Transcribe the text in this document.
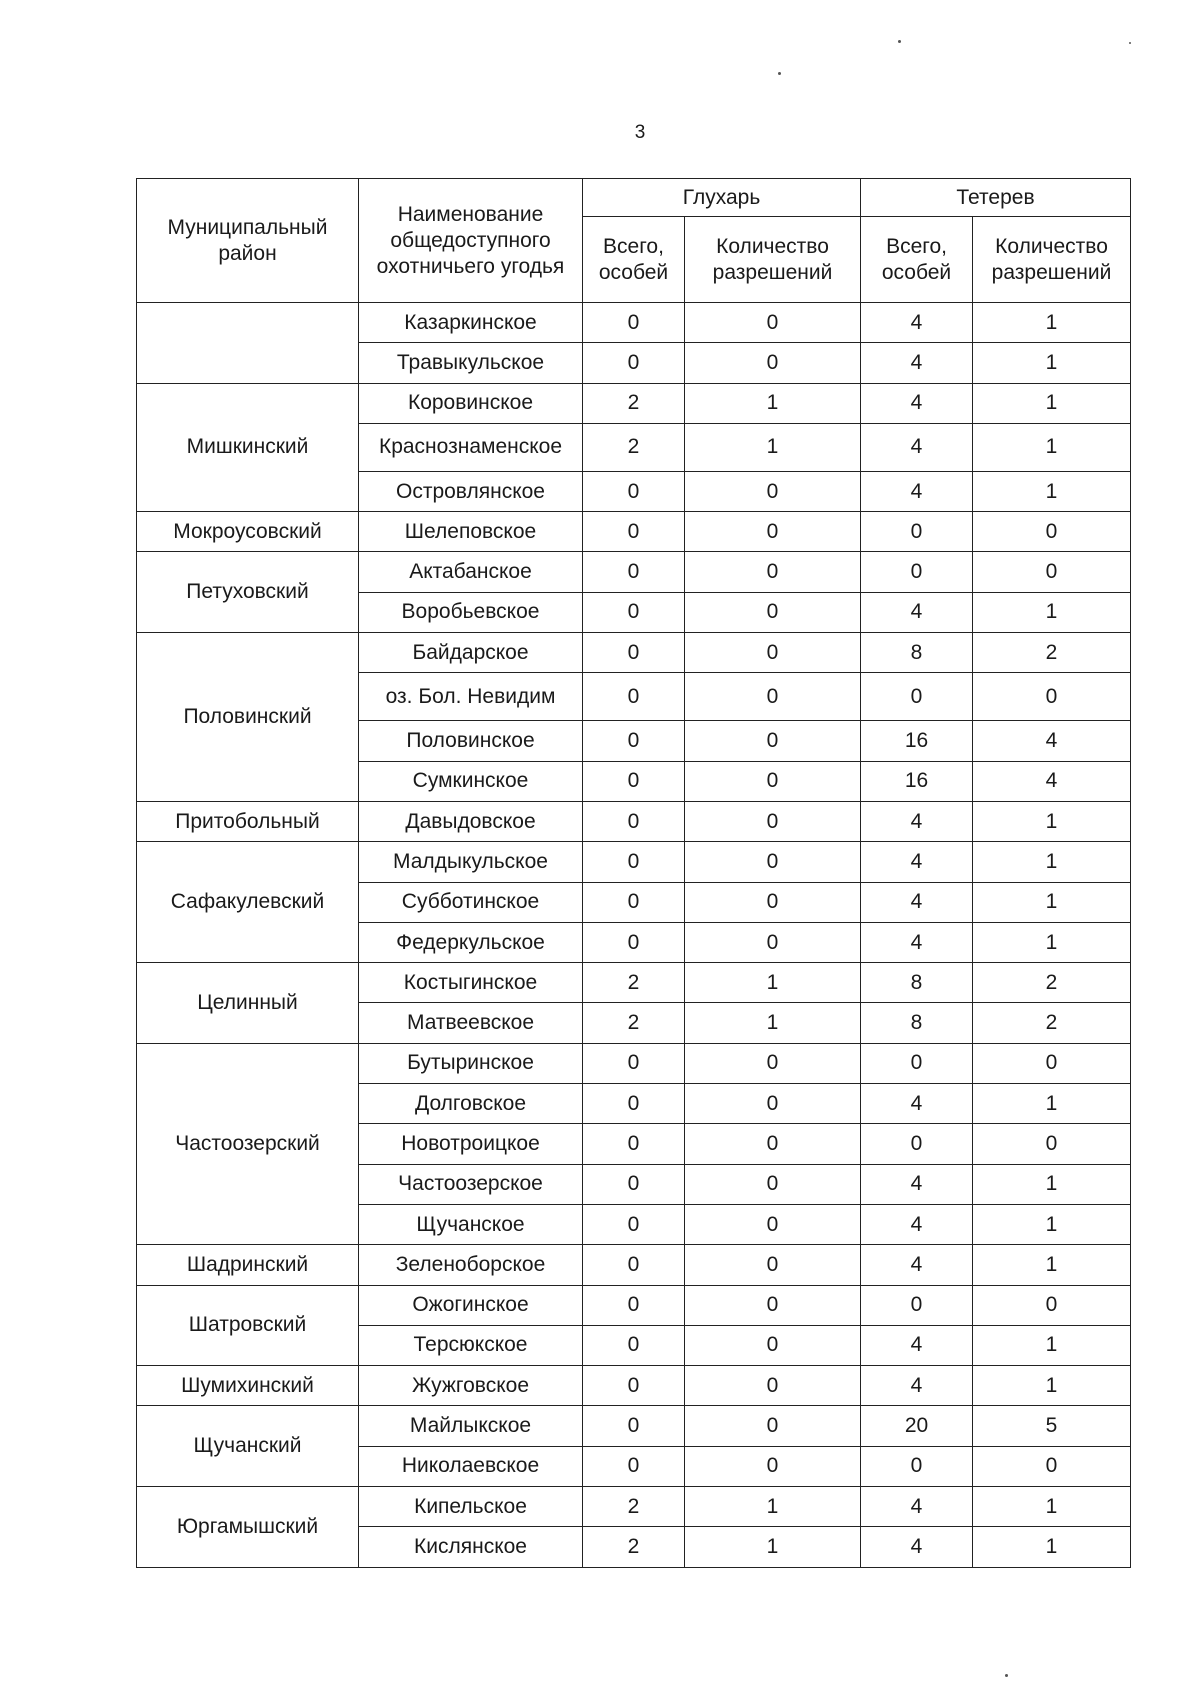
3
Муниципальный район	Наименование общедоступного охотничьего угодья	Глухарь		Тетерев	
		Всего, особей	Количество разрешений	Всего, особей	Количество разрешений
	Казаркинское	0	0	4	1
	Травыкульское	0	0	4	1
Мишкинский	Коровинское	2	1	4	1
	Краснознаменское	2	1	4	1
	Островлянское	0	0	4	1
Мокроусовский	Шелеповское	0	0	0	0
Петуховский	Актабанское	0	0	0	0
	Воробьевское	0	0	4	1
Половинский	Байдарское	0	0	8	2
	оз. Бол. Невидим	0	0	0	0
	Половинское	0	0	16	4
	Сумкинское	0	0	16	4
Притобольный	Давыдовское	0	0	4	1
Сафакулевский	Малдыкульское	0	0	4	1
	Субботинское	0	0	4	1
	Федеркульское	0	0	4	1
Целинный	Костыгинское	2	1	8	2
	Матвеевское	2	1	8	2
Частоозерский	Бутыринское	0	0	0	0
	Долговское	0	0	4	1
	Новотроицкое	0	0	0	0
	Частоозерское	0	0	4	1
	Щучанское	0	0	4	1
Шадринский	Зеленоборское	0	0	4	1
Шатровский	Ожогинское	0	0	0	0
	Терсюкское	0	0	4	1
Шумихинский	Жужговское	0	0	4	1
Щучанский	Майлыкское	0	0	20	5
	Николаевское	0	0	0	0
Юргамышский	Кипельское	2	1	4	1
	Кислянское	2	1	4	1
